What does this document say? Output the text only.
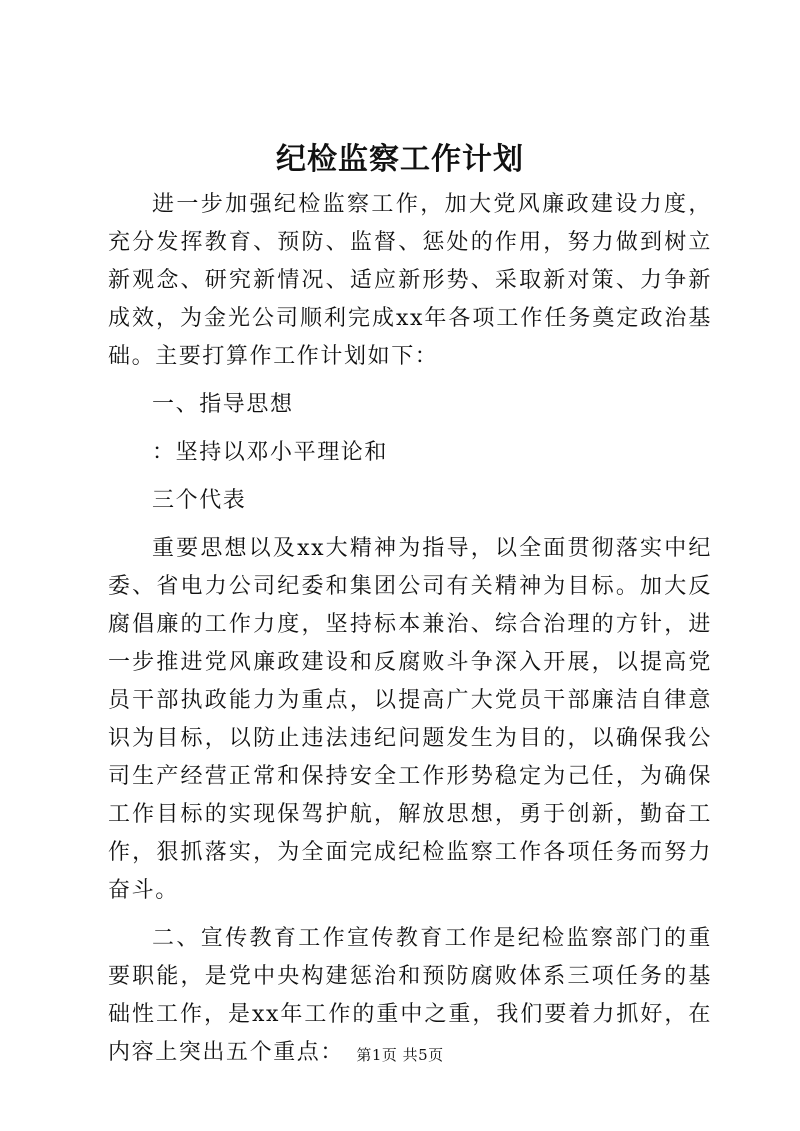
纪检监察工作计划

进一步加强纪检监察工作，加大党风廉政建设力度，充分发挥教育、预防、监督、惩处的作用，努力做到树立新观念、研究新情况、适应新形势、采取新对策、力争新成效，为金光公司顺利完成xx年各项工作任务奠定政治基础。主要打算作工作计划如下：

一、指导思想

：坚持以邓小平理论和

三个代表

重要思想以及xx大精神为指导，以全面贯彻落实中纪委、省电力公司纪委和集团公司有关精神为目标。加大反腐倡廉的工作力度，坚持标本兼治、综合治理的方针，进一步推进党风廉政建设和反腐败斗争深入开展，以提高党员干部执政能力为重点，以提高广大党员干部廉洁自律意识为目标，以防止违法违纪问题发生为目的，以确保我公司生产经营正常和保持安全工作形势稳定为己任，为确保工作目标的实现保驾护航，解放思想，勇于创新，勤奋工作，狠抓落实，为全面完成纪检监察工作各项任务而努力奋斗。

二、宣传教育工作宣传教育工作是纪检监察部门的重要职能，是党中央构建惩治和预防腐败体系三项任务的基础性工作，是xx年工作的重中之重，我们要着力抓好，在内容上突出五个重点： 第1页 共5页
